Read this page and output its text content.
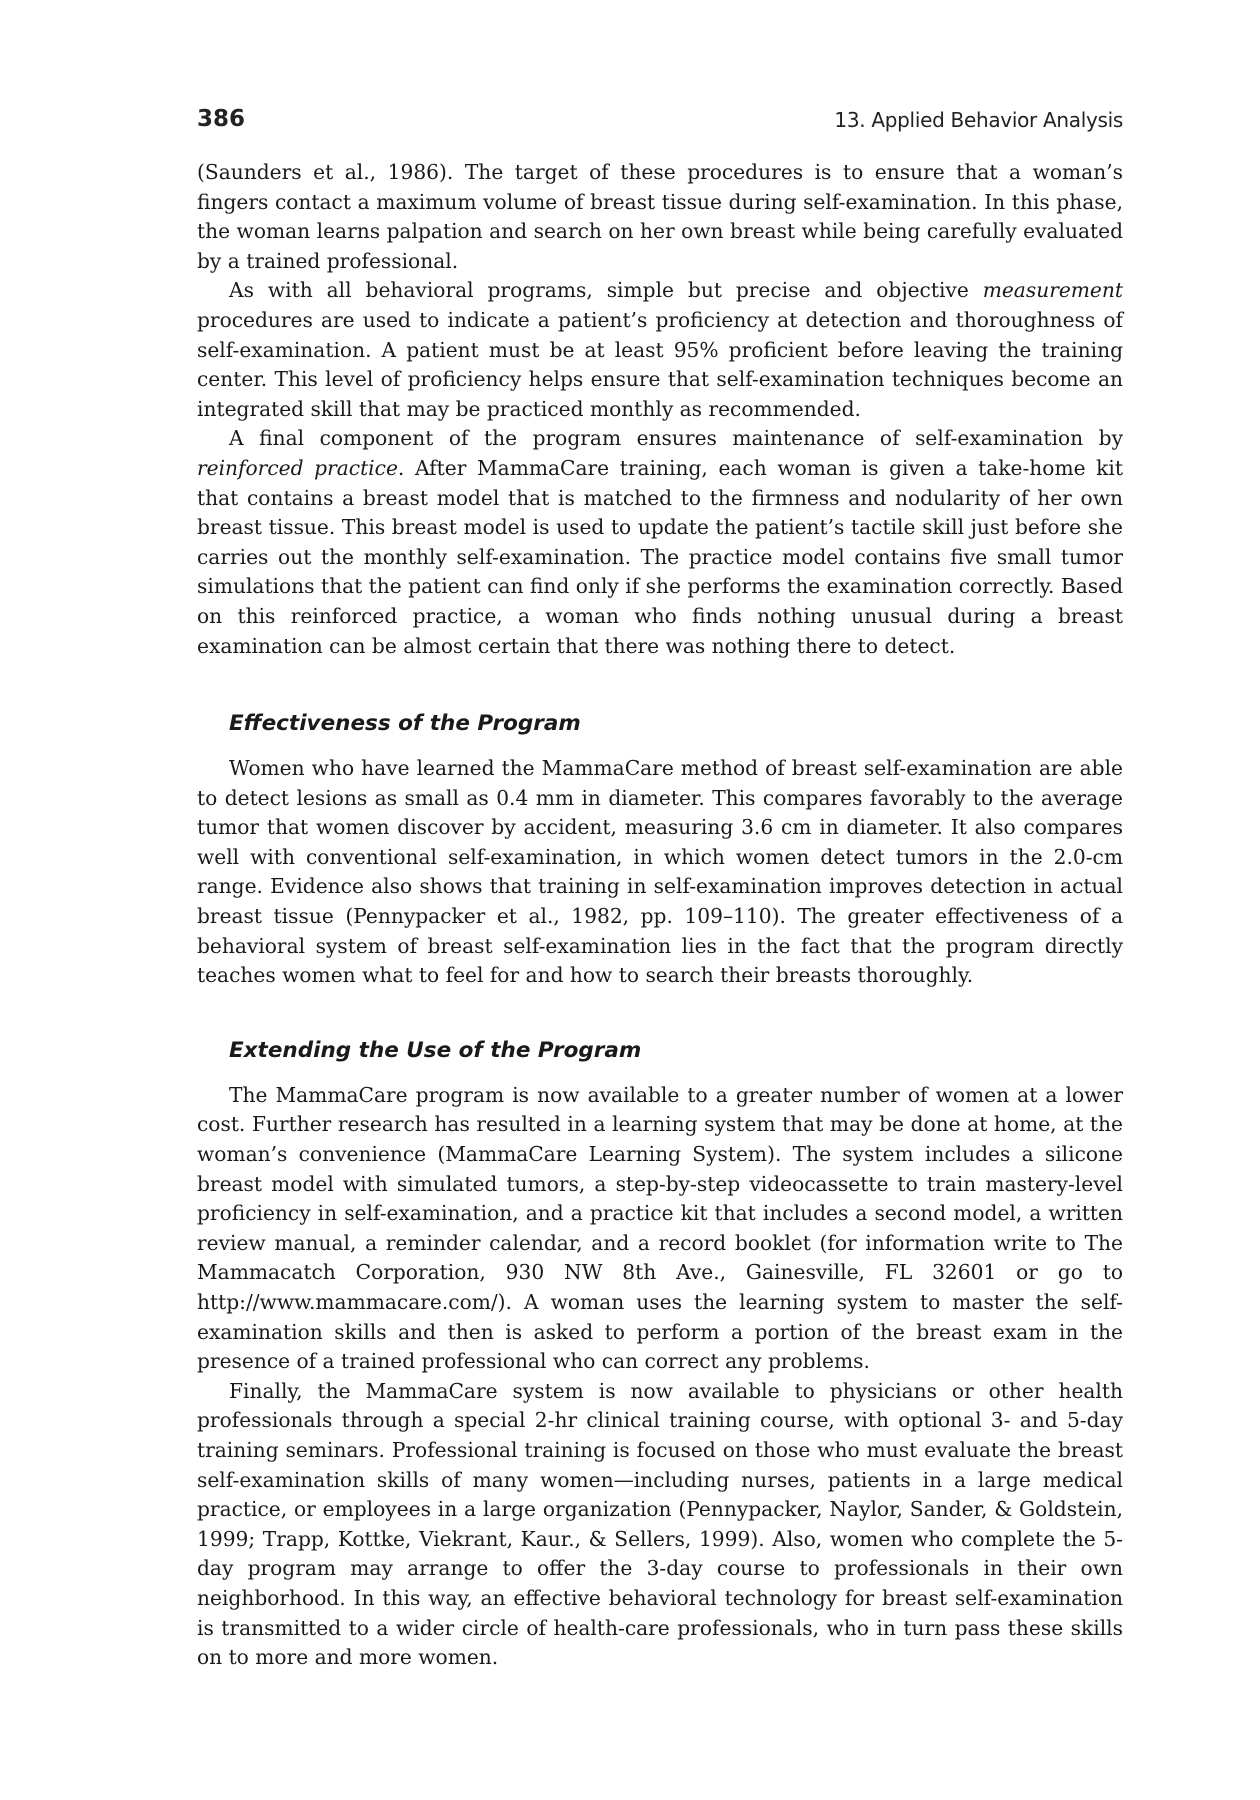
386	13. Applied Behavior Analysis

(Saunders et al., 1986). The target of these procedures is to ensure that a woman’s fingers contact a maximum volume of breast tissue during self-examination. In this phase, the woman learns palpation and search on her own breast while being carefully evaluated by a trained professional.

As with all behavioral programs, simple but precise and objective measurement procedures are used to indicate a patient’s proficiency at detection and thoroughness of self-examination. A patient must be at least 95% proficient before leaving the training center. This level of proficiency helps ensure that self-examination techniques become an integrated skill that may be practiced monthly as recommended.

A final component of the program ensures maintenance of self-examination by reinforced practice. After MammaCare training, each woman is given a take-home kit that contains a breast model that is matched to the firmness and nodularity of her own breast tissue. This breast model is used to update the patient’s tactile skill just before she carries out the monthly self-examination. The practice model contains five small tumor simulations that the patient can find only if she performs the examination correctly. Based on this reinforced practice, a woman who finds nothing unusual during a breast examination can be almost certain that there was nothing there to detect.

Effectiveness of the Program

Women who have learned the MammaCare method of breast self-examination are able to detect lesions as small as 0.4 mm in diameter. This compares favorably to the average tumor that women discover by accident, measuring 3.6 cm in diameter. It also compares well with conventional self-examination, in which women detect tumors in the 2.0-cm range. Evidence also shows that training in self-examination improves detection in actual breast tissue (Pennypacker et al., 1982, pp. 109–110). The greater effectiveness of a behavioral system of breast self-examination lies in the fact that the program directly teaches women what to feel for and how to search their breasts thoroughly.

Extending the Use of the Program

The MammaCare program is now available to a greater number of women at a lower cost. Further research has resulted in a learning system that may be done at home, at the woman’s convenience (MammaCare Learning System). The system includes a silicone breast model with simulated tumors, a step-by-step videocassette to train mastery-level proficiency in self-examination, and a practice kit that includes a second model, a written review manual, a reminder calendar, and a record booklet (for information write to The Mammacatch Corporation, 930 NW 8th Ave., Gainesville, FL 32601 or go to http://www.mammacare.com/). A woman uses the learning system to master the self-examination skills and then is asked to perform a portion of the breast exam in the presence of a trained professional who can correct any problems.

Finally, the MammaCare system is now available to physicians or other health professionals through a special 2-hr clinical training course, with optional 3- and 5-day training seminars. Professional training is focused on those who must evaluate the breast self-examination skills of many women—including nurses, patients in a large medical practice, or employees in a large organization (Pennypacker, Naylor, Sander, & Goldstein, 1999; Trapp, Kottke, Viekrant, Kaur., & Sellers, 1999). Also, women who complete the 5-day program may arrange to offer the 3-day course to professionals in their own neighborhood. In this way, an effective behavioral technology for breast self-examination is transmitted to a wider circle of health-care professionals, who in turn pass these skills on to more and more women.
